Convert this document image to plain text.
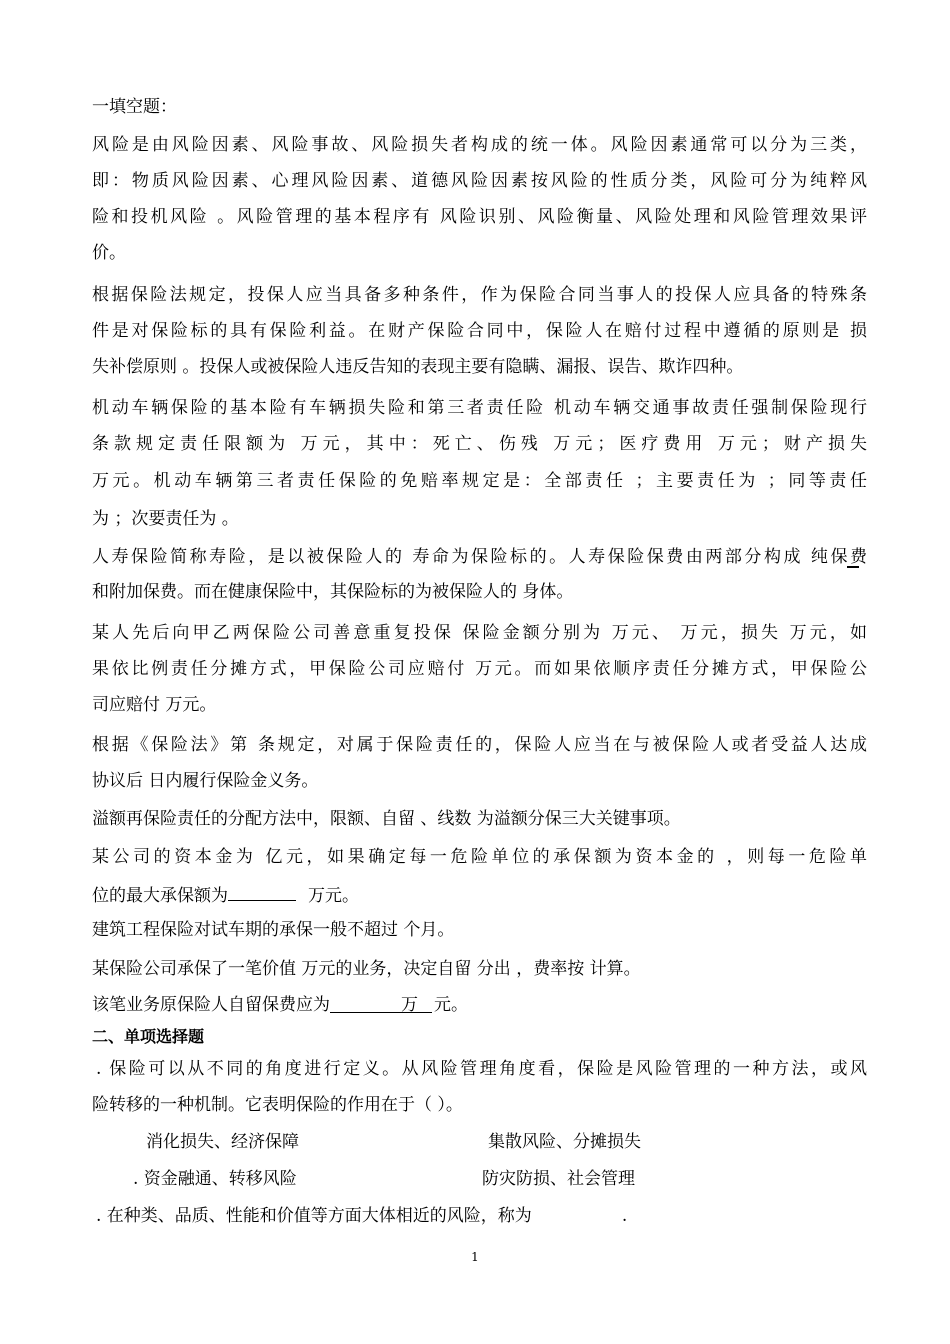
一填空题：
风险是由风险因素、风险事故、风险损失者构成的统一体。风险因素通常可以分为三类，
即：物质风险因素、心理风险因素、道德风险因素按风险的性质分类，风险可分为纯粹风
险和投机风险 。风险管理的基本程序有 风险识别、风险衡量、风险处理和风险管理效果评
价。
根据保险法规定，投保人应当具备多种条件，作为保险合同当事人的投保人应具备的特殊条
件是对保险标的具有保险利益。在财产保险合同中，保险人在赔付过程中遵循的原则是 损
失补偿原则 。投保人或被保险人违反告知的表现主要有隐瞒、漏报、误告、欺诈四种。
机动车辆保险的基本险有车辆损失险和第三者责任险 机动车辆交通事故责任强制保险现行
条款规定责任限额为 万元，其中：死亡、伤残 万元；医疗费用 万元；财产损失
万元。机动车辆第三者责任保险的免赔率规定是：全部责任 ；主要责任为 ；同等责任
为 ；次要责任为 。
人寿保险简称寿险，是以被保险人的 寿命为保险标的。人寿保险保费由两部分构成 纯保费
和附加保费。而在健康保险中，其保险标的为被保险人的 身体。
某人先后向甲乙两保险公司善意重复投保 保险金额分别为 万元、 万元，损失 万元，如
果依比例责任分摊方式，甲保险公司应赔付 万元。而如果依顺序责任分摊方式，甲保险公
司应赔付 万元。
根据《保险法》第 条规定，对属于保险责任的，保险人应当在与被保险人或者受益人达成
协议后 日内履行保险金义务。
溢额再保险责任的分配方法中，限额、自留 、线数 为溢额分保三大关键事项。
某公司的资本金为 亿元，如果确定每一危险单位的承保额为资本金的 ，则每一危险单
位的最大承保额为	万元。
建筑工程保险对试车期的承保一般不超过 个月。
某保险公司承保了一笔价值 万元的业务，决定自留 分出 ，费率按 计算。
该笔业务原保险人自留保费应为	万 元。
二、单项选择题
. 保险可以从不同的角度进行定义。从风险管理角度看，保险是风险管理的一种方法，或风
险转移的一种机制。它表明保险的作用在于（ ）。
消化损失、经济保障	集散风险、分摊损失
. 资金融通、转移风险	防灾防损、社会管理
. 在种类、品质、性能和价值等方面大体相近的风险，称为	.
1
